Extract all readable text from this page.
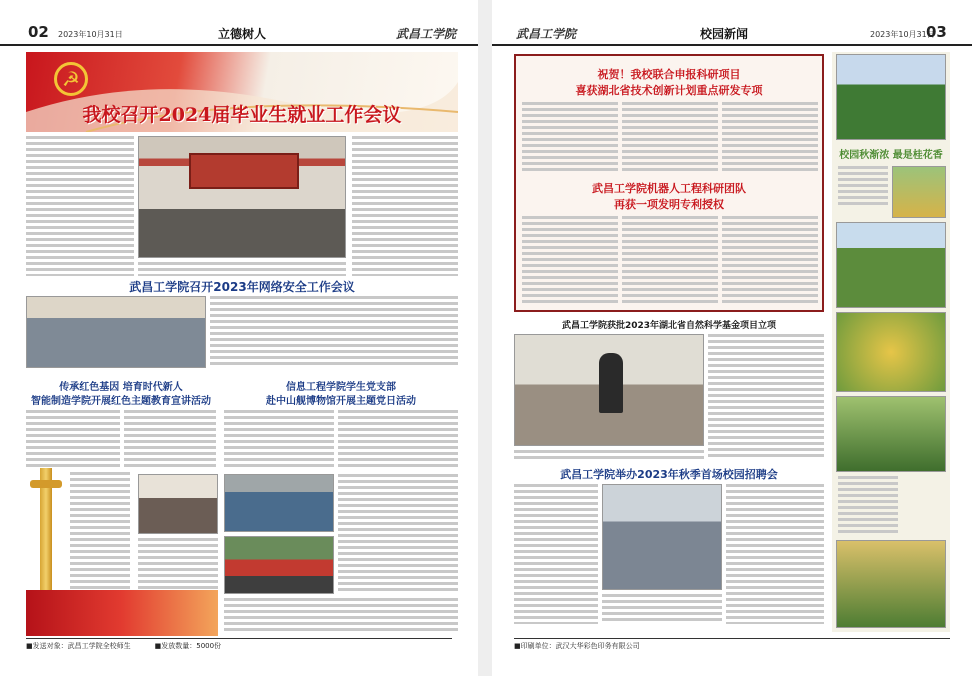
02 2023年10月31日	立德树人	武昌工学院
☭
我校召开2024届毕业生就业工作会议
武昌工学院召开2023年网络安全工作会议
传承红色基因 培育时代新人
智能制造学院开展红色主题教育宣讲活动
信息工程学院学生党支部
赴中山舰博物馆开展主题党日活动
■发送对象：武昌工学院全校师生	■发放数量：5000份
武昌工学院	校园新闻	2023年10月31日
03
祝贺！我校联合申报科研项目
喜获湖北省技术创新计划重点研发专项
武昌工学院机器人工程科研团队
再获一项发明专利授权
武昌工学院获批2023年湖北省自然科学基金项目立项
武昌工学院举办2023年秋季首场校园招聘会
校园秋渐浓 最是桂花香
■印刷单位：武汉大华彩色印务有限公司
